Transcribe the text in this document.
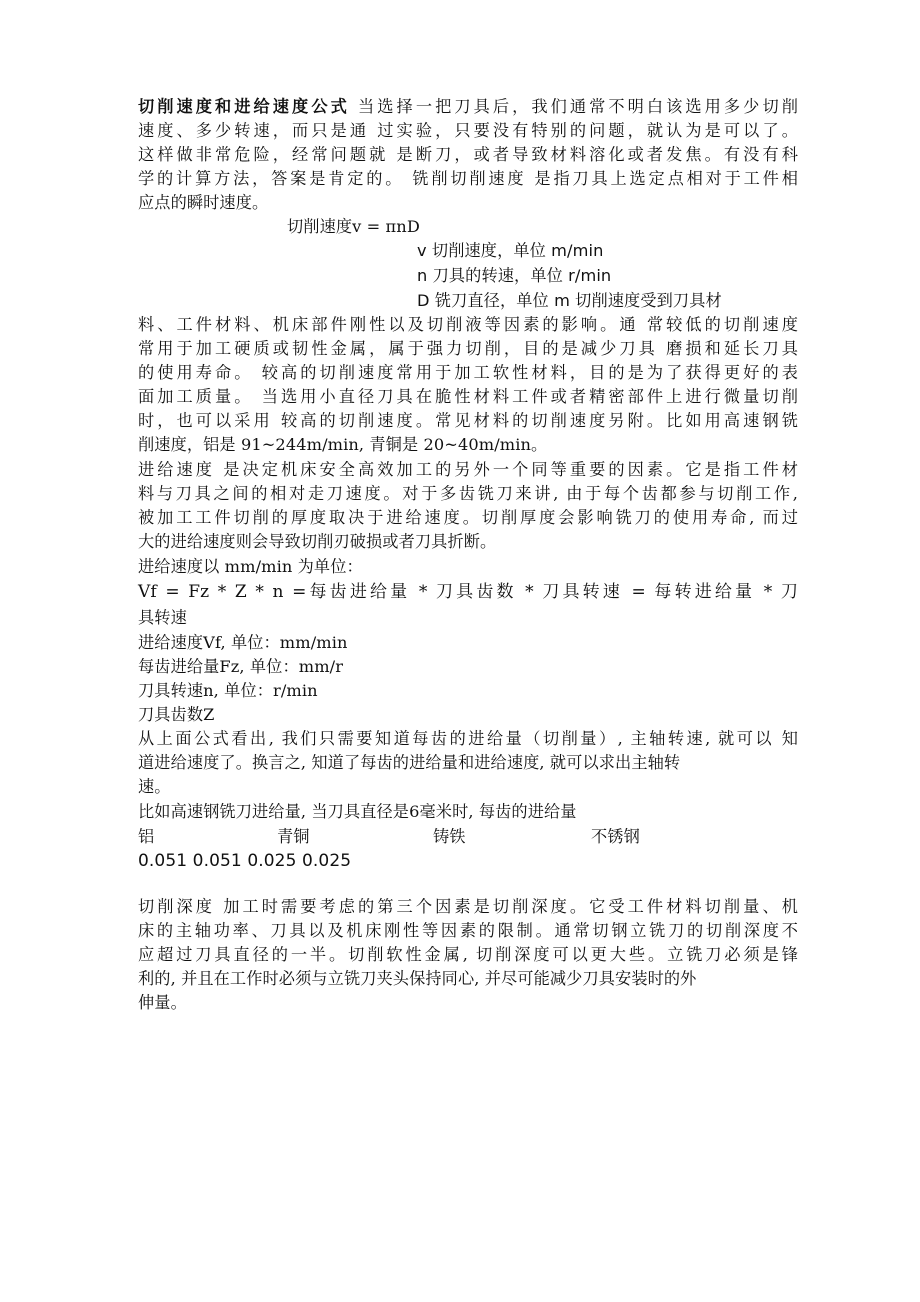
切削速度和进给速度公式 当选择一把刀具后，我们通常不明白该选用多少切削
速度、多少转速，而只是通 过实验，只要没有特别的问题，就认为是可以了。
这样做非常危险，经常问题就 是断刀，或者导致材料溶化或者发焦。有没有科
学的计算方法，答案是肯定的。 铣削切削速度 是指刀具上选定点相对于工件相
应点的瞬时速度。
切削速度v = πnD
v 切削速度，单位 m/min
n 刀具的转速，单位 r/min
D 铣刀直径，单位 m 切削速度受到刀具材
料、工件材料、机床部件刚性以及切削液等因素的影响。通 常较低的切削速度
常用于加工硬质或韧性金属，属于强力切削，目的是减少刀具 磨损和延长刀具
的使用寿命。 较高的切削速度常用于加工软性材料，目的是为了获得更好的表
面加工质量。 当选用小直径刀具在脆性材料工件或者精密部件上进行微量切削
时，也可以采用 较高的切削速度。常见材料的切削速度另附。比如用高速钢铣
削速度，铝是 91~244m/min, 青铜是 20~40m/min。
进给速度 是决定机床安全高效加工的另外一个同等重要的因素。它是指工件材
料与刀具之间的相对走刀速度。对于多齿铣刀来讲, 由于每个齿都参与切削工作,
被加工工件切削的厚度取决于进给速度。切削厚度会影响铣刀的使用寿命, 而过
大的进给速度则会导致切削刃破损或者刀具折断。
进给速度以 mm/min 为单位：
Vf = Fz * Z * n =每齿进给量 * 刀具齿数 * 刀具转速 = 每转进给量 * 刀
具转速
进给速度Vf, 单位：mm/min
每齿进给量Fz, 单位：mm/r
刀具转速n, 单位：r/min
刀具齿数Z
从上面公式看出, 我们只需要知道每齿的进给量（切削量）, 主轴转速, 就可以 知
道进给速度了。换言之, 知道了每齿的进给量和进给速度, 就可以求出主轴转
速。
比如高速钢铣刀进给量, 当刀具直径是6毫米时, 每齿的进给量
铝	青铜	铸铁	不锈钢
0.051 0.051 0.025 0.025
切削深度 加工时需要考虑的第三个因素是切削深度。它受工件材料切削量、机
床的主轴功率、刀具以及机床刚性等因素的限制。通常切钢立铣刀的切削深度不
应超过刀具直径的一半。切削软性金属, 切削深度可以更大些。立铣刀必须是锋
利的, 并且在工作时必须与立铣刀夹头保持同心, 并尽可能减少刀具安装时的外
伸量。
